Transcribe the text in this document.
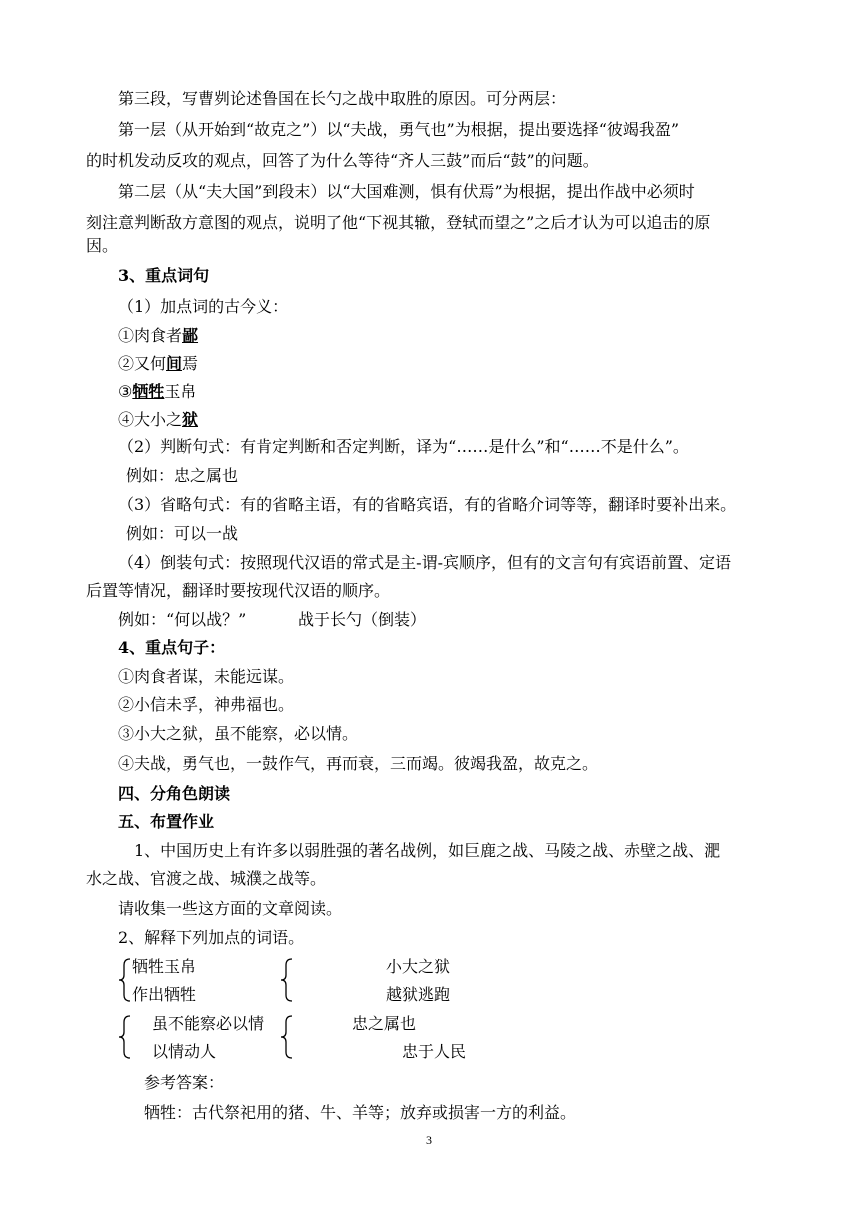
第三段，写曹刿论述鲁国在长勺之战中取胜的原因。可分两层：
第一层（从开始到“故克之”）以“夫战，勇气也”为根据，提出要选择“彼竭我盈”
的时机发动反攻的观点，回答了为什么等待“齐人三鼓”而后“鼓”的问题。
第二层（从“夫大国”到段末）以“大国难测，惧有伏焉”为根据，提出作战中必须时
刻注意判断敌方意图的观点，说明了他“下视其辙，登轼而望之”之后才认为可以追击的原
因。
3、重点词句
（1）加点词的古今义：
①肉食者鄙
②又何间焉
③牺牲玉帛
④大小之狱
（2）判断句式：有肯定判断和否定判断，译为“……是什么”和“……不是什么”。
例如：忠之属也
（3）省略句式：有的省略主语，有的省略宾语，有的省略介词等等，翻译时要补出来。
例如：可以一战
（4）倒装句式：按照现代汉语的常式是主-谓-宾顺序，但有的文言句有宾语前置、定语
后置等情况，翻译时要按现代汉语的顺序。
例如：“何以战？”	战于长勺（倒装）
4、重点句子：
①肉食者谋，未能远谋。
②小信未孚，神弗福也。
③小大之狱，虽不能察，必以情。
④夫战，勇气也，一鼓作气，再而衰，三而竭。彼竭我盈，故克之。
四、分角色朗读
五、布置作业
1、中国历史上有许多以弱胜强的著名战例，如巨鹿之战、马陵之战、赤壁之战、淝
水之战、官渡之战、城濮之战等。
请收集一些这方面的文章阅读。
2、解释下列加点的词语。
牺牲玉帛
作出牺牲
小大之狱
越狱逃跑
虽不能察必以情
以情动人
忠之属也
忠于人民
参考答案：
牺牲：古代祭祀用的猪、牛、羊等；放弃或损害一方的利益。
3
